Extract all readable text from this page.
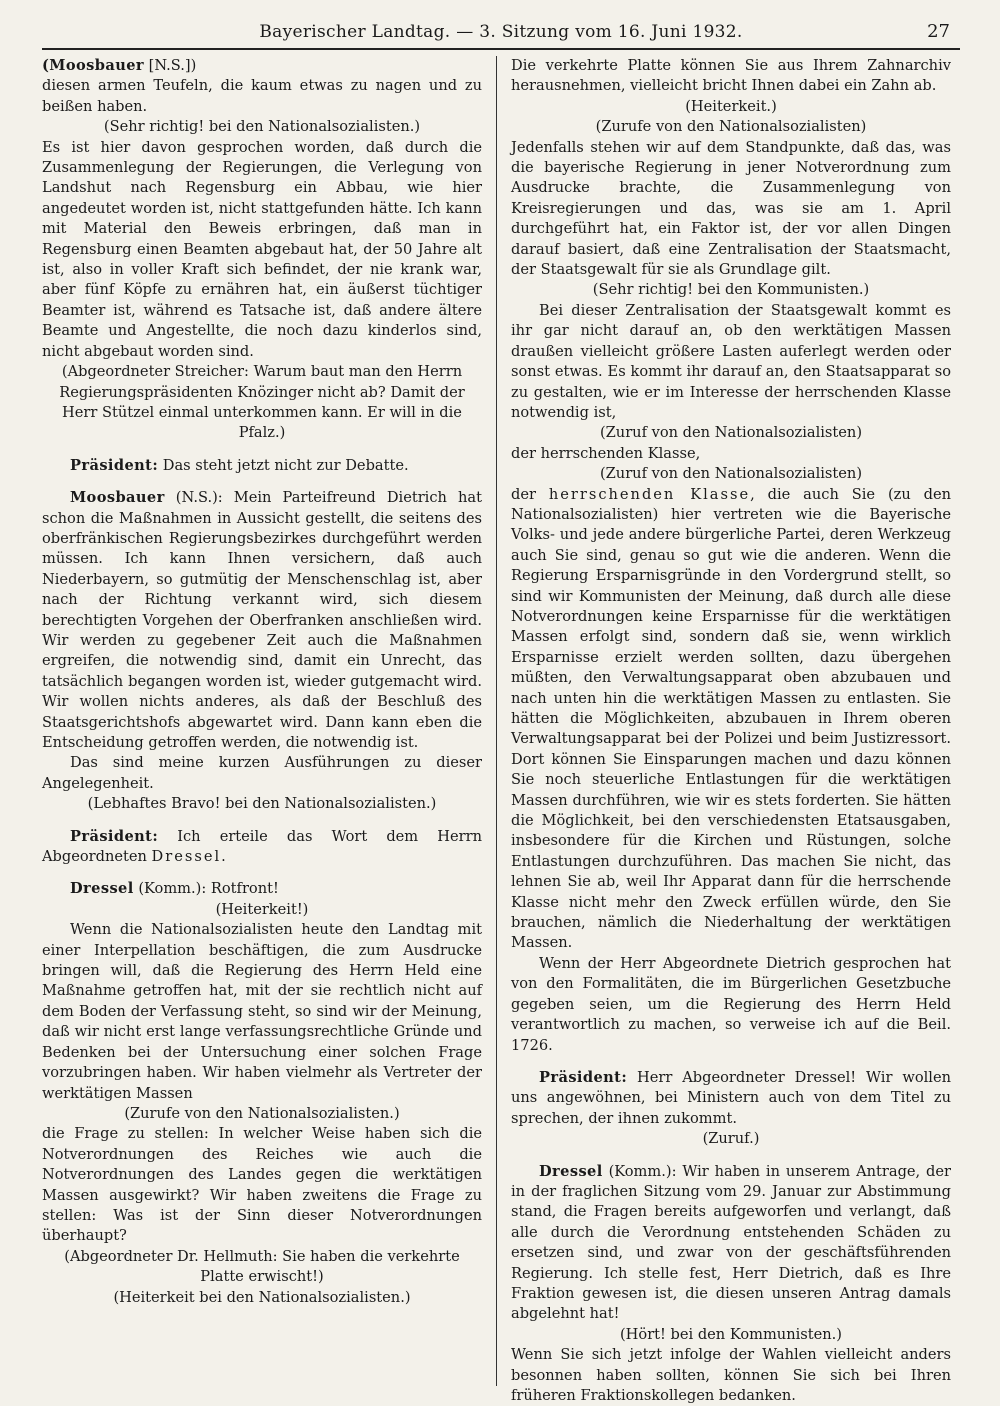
Bayerischer Landtag. — 3. Sitzung vom 16. Juni 1932.	27

(Moosbauer [N.S.])

diesen armen Teufeln, die kaum etwas zu nagen und zu beißen haben.

(Sehr richtig! bei den Nationalsozialisten.)

Es ist hier davon gesprochen worden, daß durch die Zusammenlegung der Regierungen, die Verlegung von Landshut nach Regensburg ein Abbau, wie hier angedeutet worden ist, nicht stattgefunden hätte. Ich kann mit Material den Beweis erbringen, daß man in Regensburg einen Beamten abgebaut hat, der 50 Jahre alt ist, also in voller Kraft sich befindet, der nie krank war, aber fünf Köpfe zu ernähren hat, ein äußerst tüchtiger Beamter ist, während es Tatsache ist, daß andere ältere Beamte und Angestellte, die noch dazu kinderlos sind, nicht abgebaut worden sind.

(Abgeordneter Streicher: Warum baut man den Herrn Regierungspräsidenten Knözinger nicht ab? Damit der Herr Stützel einmal unterkommen kann. Er will in die Pfalz.)

Präsident: Das steht jetzt nicht zur Debatte.

Moosbauer (N.S.): Mein Parteifreund Dietrich hat schon die Maßnahmen in Aussicht gestellt, die seitens des oberfränkischen Regierungsbezirkes durchgeführt werden müssen. Ich kann Ihnen versichern, daß auch Niederbayern, so gutmütig der Menschenschlag ist, aber nach der Richtung verkannt wird, sich diesem berechtigten Vorgehen der Oberfranken anschließen wird. Wir werden zu gegebener Zeit auch die Maßnahmen ergreifen, die notwendig sind, damit ein Unrecht, das tatsächlich begangen worden ist, wieder gutgemacht wird. Wir wollen nichts anderes, als daß der Beschluß des Staatsgerichtshofs abgewartet wird. Dann kann eben die Entscheidung getroffen werden, die notwendig ist.

Das sind meine kurzen Ausführungen zu dieser Angelegenheit.

(Lebhaftes Bravo! bei den Nationalsozialisten.)

Präsident: Ich erteile das Wort dem Herrn Abgeordneten Dressel.

Dressel (Komm.): Rotfront!

(Heiterkeit!)

Wenn die Nationalsozialisten heute den Landtag mit einer Interpellation beschäftigen, die zum Ausdrucke bringen will, daß die Regierung des Herrn Held eine Maßnahme getroffen hat, mit der sie rechtlich nicht auf dem Boden der Verfassung steht, so sind wir der Meinung, daß wir nicht erst lange verfassungsrechtliche Gründe und Bedenken bei der Untersuchung einer solchen Frage vorzubringen haben. Wir haben vielmehr als Vertreter der werktätigen Massen

(Zurufe von den Nationalsozialisten.)

die Frage zu stellen: In welcher Weise haben sich die Notverordnungen des Reiches wie auch die Notverordnungen des Landes gegen die werktätigen Massen ausgewirkt? Wir haben zweitens die Frage zu stellen: Was ist der Sinn dieser Notverordnungen überhaupt?

(Abgeordneter Dr. Hellmuth: Sie haben die verkehrte Platte erwischt!)

(Heiterkeit bei den Nationalsozialisten.)

Die verkehrte Platte können Sie aus Ihrem Zahnarchiv herausnehmen, vielleicht bricht Ihnen dabei ein Zahn ab.

(Heiterkeit.)

(Zurufe von den Nationalsozialisten)

Jedenfalls stehen wir auf dem Standpunkte, daß das, was die bayerische Regierung in jener Notverordnung zum Ausdrucke brachte, die Zusammenlegung von Kreisregierungen und das, was sie am 1. April durchgeführt hat, ein Faktor ist, der vor allen Dingen darauf basiert, daß eine Zentralisation der Staatsmacht, der Staatsgewalt für sie als Grundlage gilt.

(Sehr richtig! bei den Kommunisten.)

Bei dieser Zentralisation der Staatsgewalt kommt es ihr gar nicht darauf an, ob den werktätigen Massen draußen vielleicht größere Lasten auferlegt werden oder sonst etwas. Es kommt ihr darauf an, den Staatsapparat so zu gestalten, wie er im Interesse der herrschenden Klasse notwendig ist,

(Zuruf von den Nationalsozialisten)

der herrschenden Klasse,

(Zuruf von den Nationalsozialisten)

der herrschenden Klasse, die auch Sie (zu den Nationalsozialisten) hier vertreten wie die Bayerische Volks- und jede andere bürgerliche Partei, deren Werkzeug auch Sie sind, genau so gut wie die anderen. Wenn die Regierung Ersparnisgründe in den Vordergrund stellt, so sind wir Kommunisten der Meinung, daß durch alle diese Notverordnungen keine Ersparnisse für die werktätigen Massen erfolgt sind, sondern daß sie, wenn wirklich Ersparnisse erzielt werden sollten, dazu übergehen müßten, den Verwaltungsapparat oben abzubauen und nach unten hin die werktätigen Massen zu entlasten. Sie hätten die Möglichkeiten, abzubauen in Ihrem oberen Verwaltungsapparat bei der Polizei und beim Justizressort. Dort können Sie Einsparungen machen und dazu können Sie noch steuerliche Entlastungen für die werktätigen Massen durchführen, wie wir es stets forderten. Sie hätten die Möglichkeit, bei den verschiedensten Etatsausgaben, insbesondere für die Kirchen und Rüstungen, solche Entlastungen durchzuführen. Das machen Sie nicht, das lehnen Sie ab, weil Ihr Apparat dann für die herrschende Klasse nicht mehr den Zweck erfüllen würde, den Sie brauchen, nämlich die Niederhaltung der werktätigen Massen.

Wenn der Herr Abgeordnete Dietrich gesprochen hat von den Formalitäten, die im Bürgerlichen Gesetzbuche gegeben seien, um die Regierung des Herrn Held verantwortlich zu machen, so verweise ich auf die Beil. 1726.

Präsident: Herr Abgeordneter Dressel! Wir wollen uns angewöhnen, bei Ministern auch von dem Titel zu sprechen, der ihnen zukommt.

(Zuruf.)

Dressel (Komm.): Wir haben in unserem Antrage, der in der fraglichen Sitzung vom 29. Januar zur Abstimmung stand, die Fragen bereits aufgeworfen und verlangt, daß alle durch die Verordnung entstehenden Schäden zu ersetzen sind, und zwar von der geschäftsführenden Regierung. Ich stelle fest, Herr Dietrich, daß es Ihre Fraktion gewesen ist, die diesen unseren Antrag damals abgelehnt hat!

(Hört! bei den Kommunisten.)

Wenn Sie sich jetzt infolge der Wahlen vielleicht anders besonnen haben sollten, können Sie sich bei Ihren früheren Fraktionskollegen bedanken.
